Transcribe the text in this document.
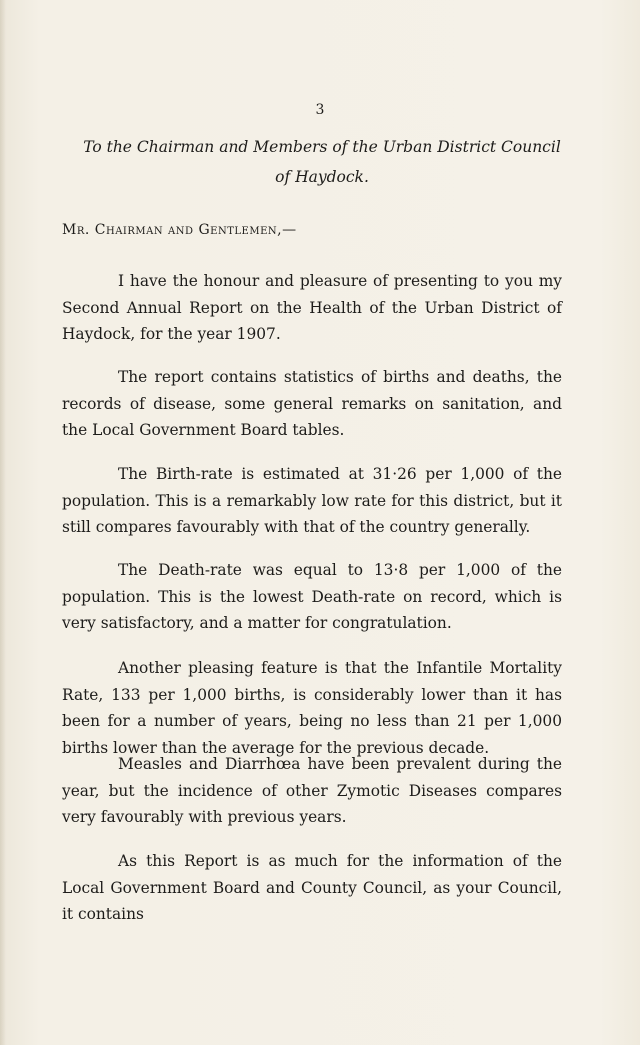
3
To the Chairman and Members of the Urban District Council
of Haydock.
Mr. Chairman and Gentlemen,—

I have the honour and pleasure of presenting to you my Second Annual Report on the Health of the Urban District of Haydock, for the year 1907.

The report contains statistics of births and deaths, the records of disease, some general remarks on sanitation, and the Local Government Board tables.

The Birth-rate is estimated at 31·26 per 1,000 of the population. This is a remarkably low rate for this district, but it still compares favourably with that of the country generally.

The Death-rate was equal to 13·8 per 1,000 of the population. This is the lowest Death-rate on record, which is very satisfactory, and a matter for congratulation.

Another pleasing feature is that the Infantile Mortality Rate, 133 per 1,000 births, is considerably lower than it has been for a number of years, being no less than 21 per 1,000 births lower than the average for the previous decade.

Measles and Diarrhœa have been prevalent during the year, but the incidence of other Zymotic Diseases compares very favourably with previous years.

As this Report is as much for the information of the Local Government Board and County Council, as your Council, it contains
